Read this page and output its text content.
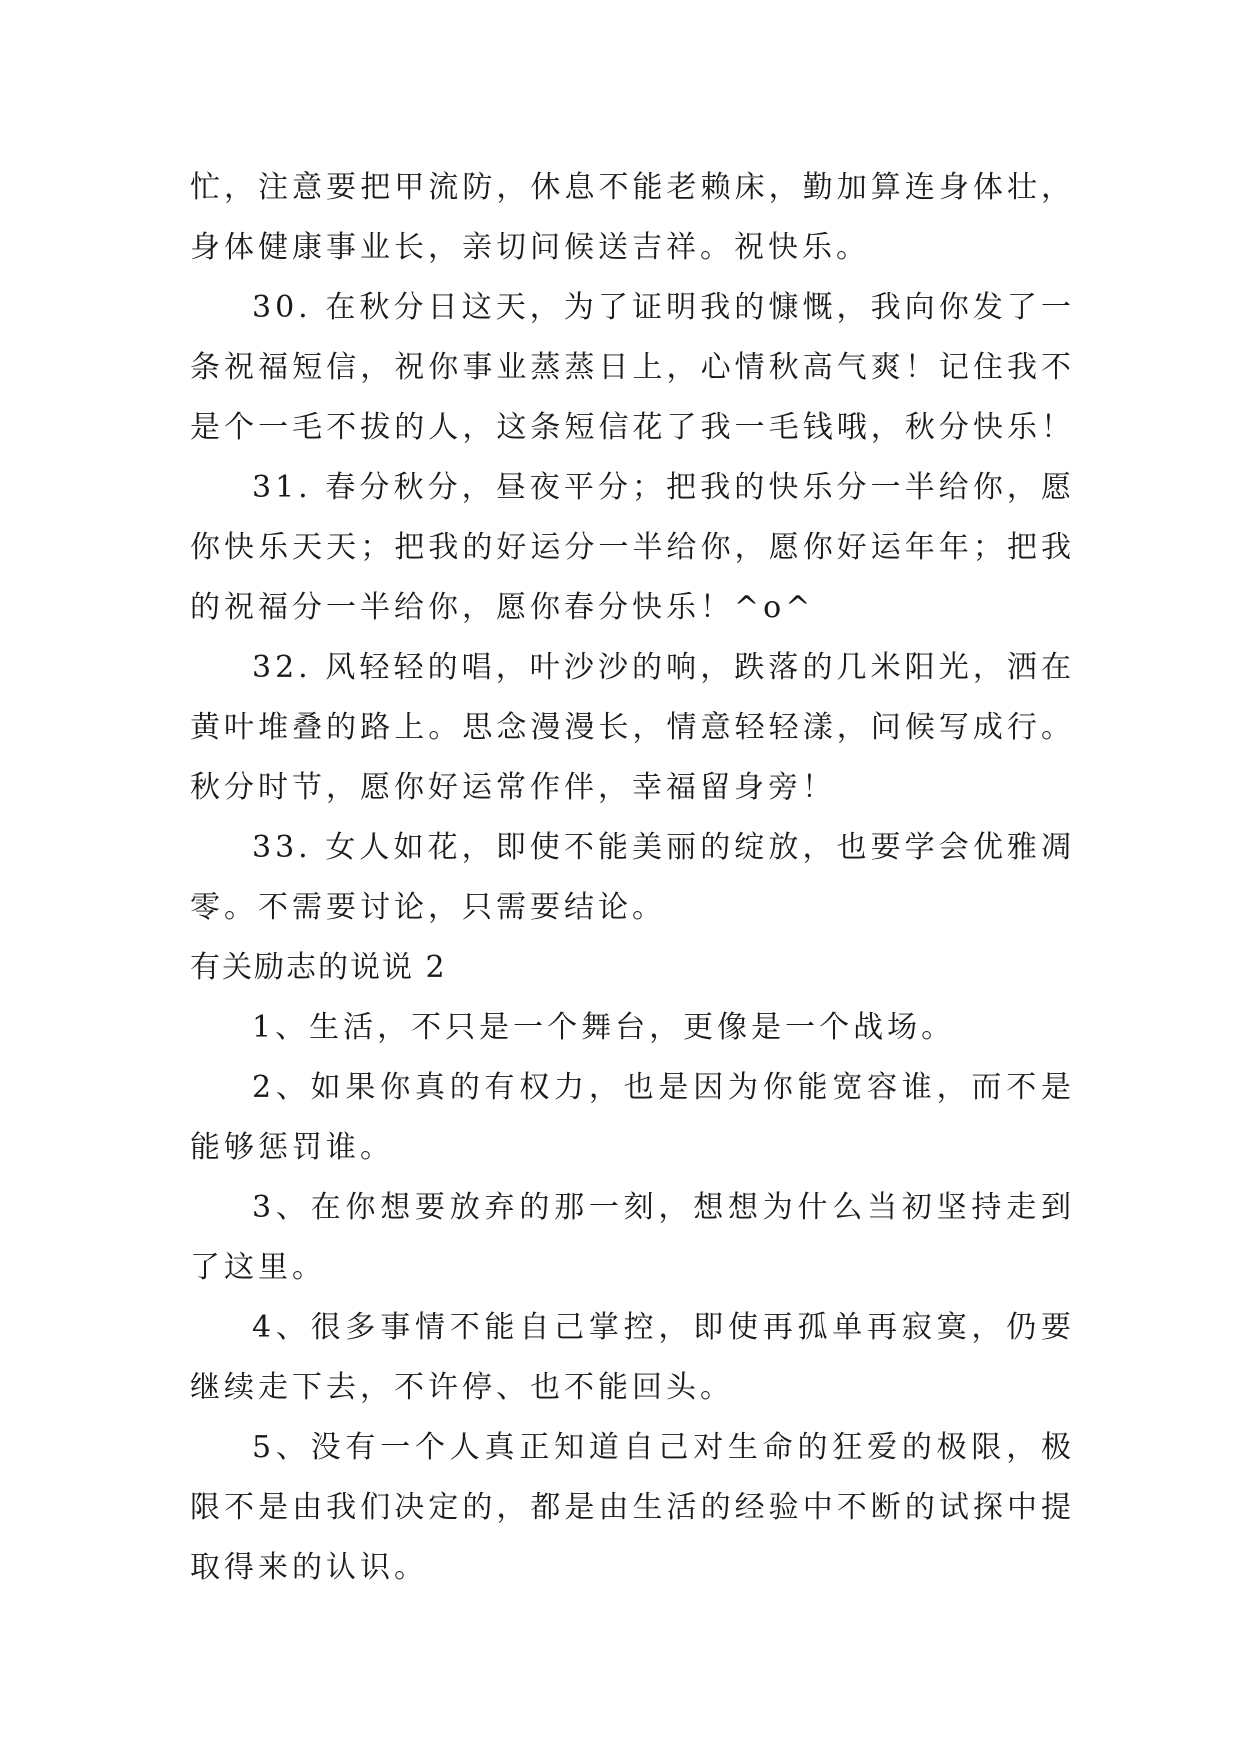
忙，注意要把甲流防，休息不能老赖床，勤加算连身体壮，
身体健康事业长，亲切问候送吉祥。祝快乐。
30. 在秋分日这天，为了证明我的慷慨，我向你发了一
条祝福短信，祝你事业蒸蒸日上，心情秋高气爽！记住我不
是个一毛不拔的人，这条短信花了我一毛钱哦，秋分快乐！
31. 春分秋分，昼夜平分；把我的快乐分一半给你，愿
你快乐天天；把我的好运分一半给你，愿你好运年年；把我
的祝福分一半给你，愿你春分快乐！^o^
32. 风轻轻的唱，叶沙沙的响，跌落的几米阳光，洒在
黄叶堆叠的路上。思念漫漫长，情意轻轻漾，问候写成行。
秋分时节，愿你好运常作伴，幸福留身旁！
33. 女人如花，即使不能美丽的绽放，也要学会优雅凋
零。不需要讨论，只需要结论。
有关励志的说说 2
1、生活，不只是一个舞台，更像是一个战场。
2、如果你真的有权力，也是因为你能宽容谁，而不是
能够惩罚谁。
3、在你想要放弃的那一刻，想想为什么当初坚持走到
了这里。
4、很多事情不能自己掌控，即使再孤单再寂寞，仍要
继续走下去，不许停、也不能回头。
5、没有一个人真正知道自己对生命的狂爱的极限，极
限不是由我们决定的，都是由生活的经验中不断的试探中提
取得来的认识。
